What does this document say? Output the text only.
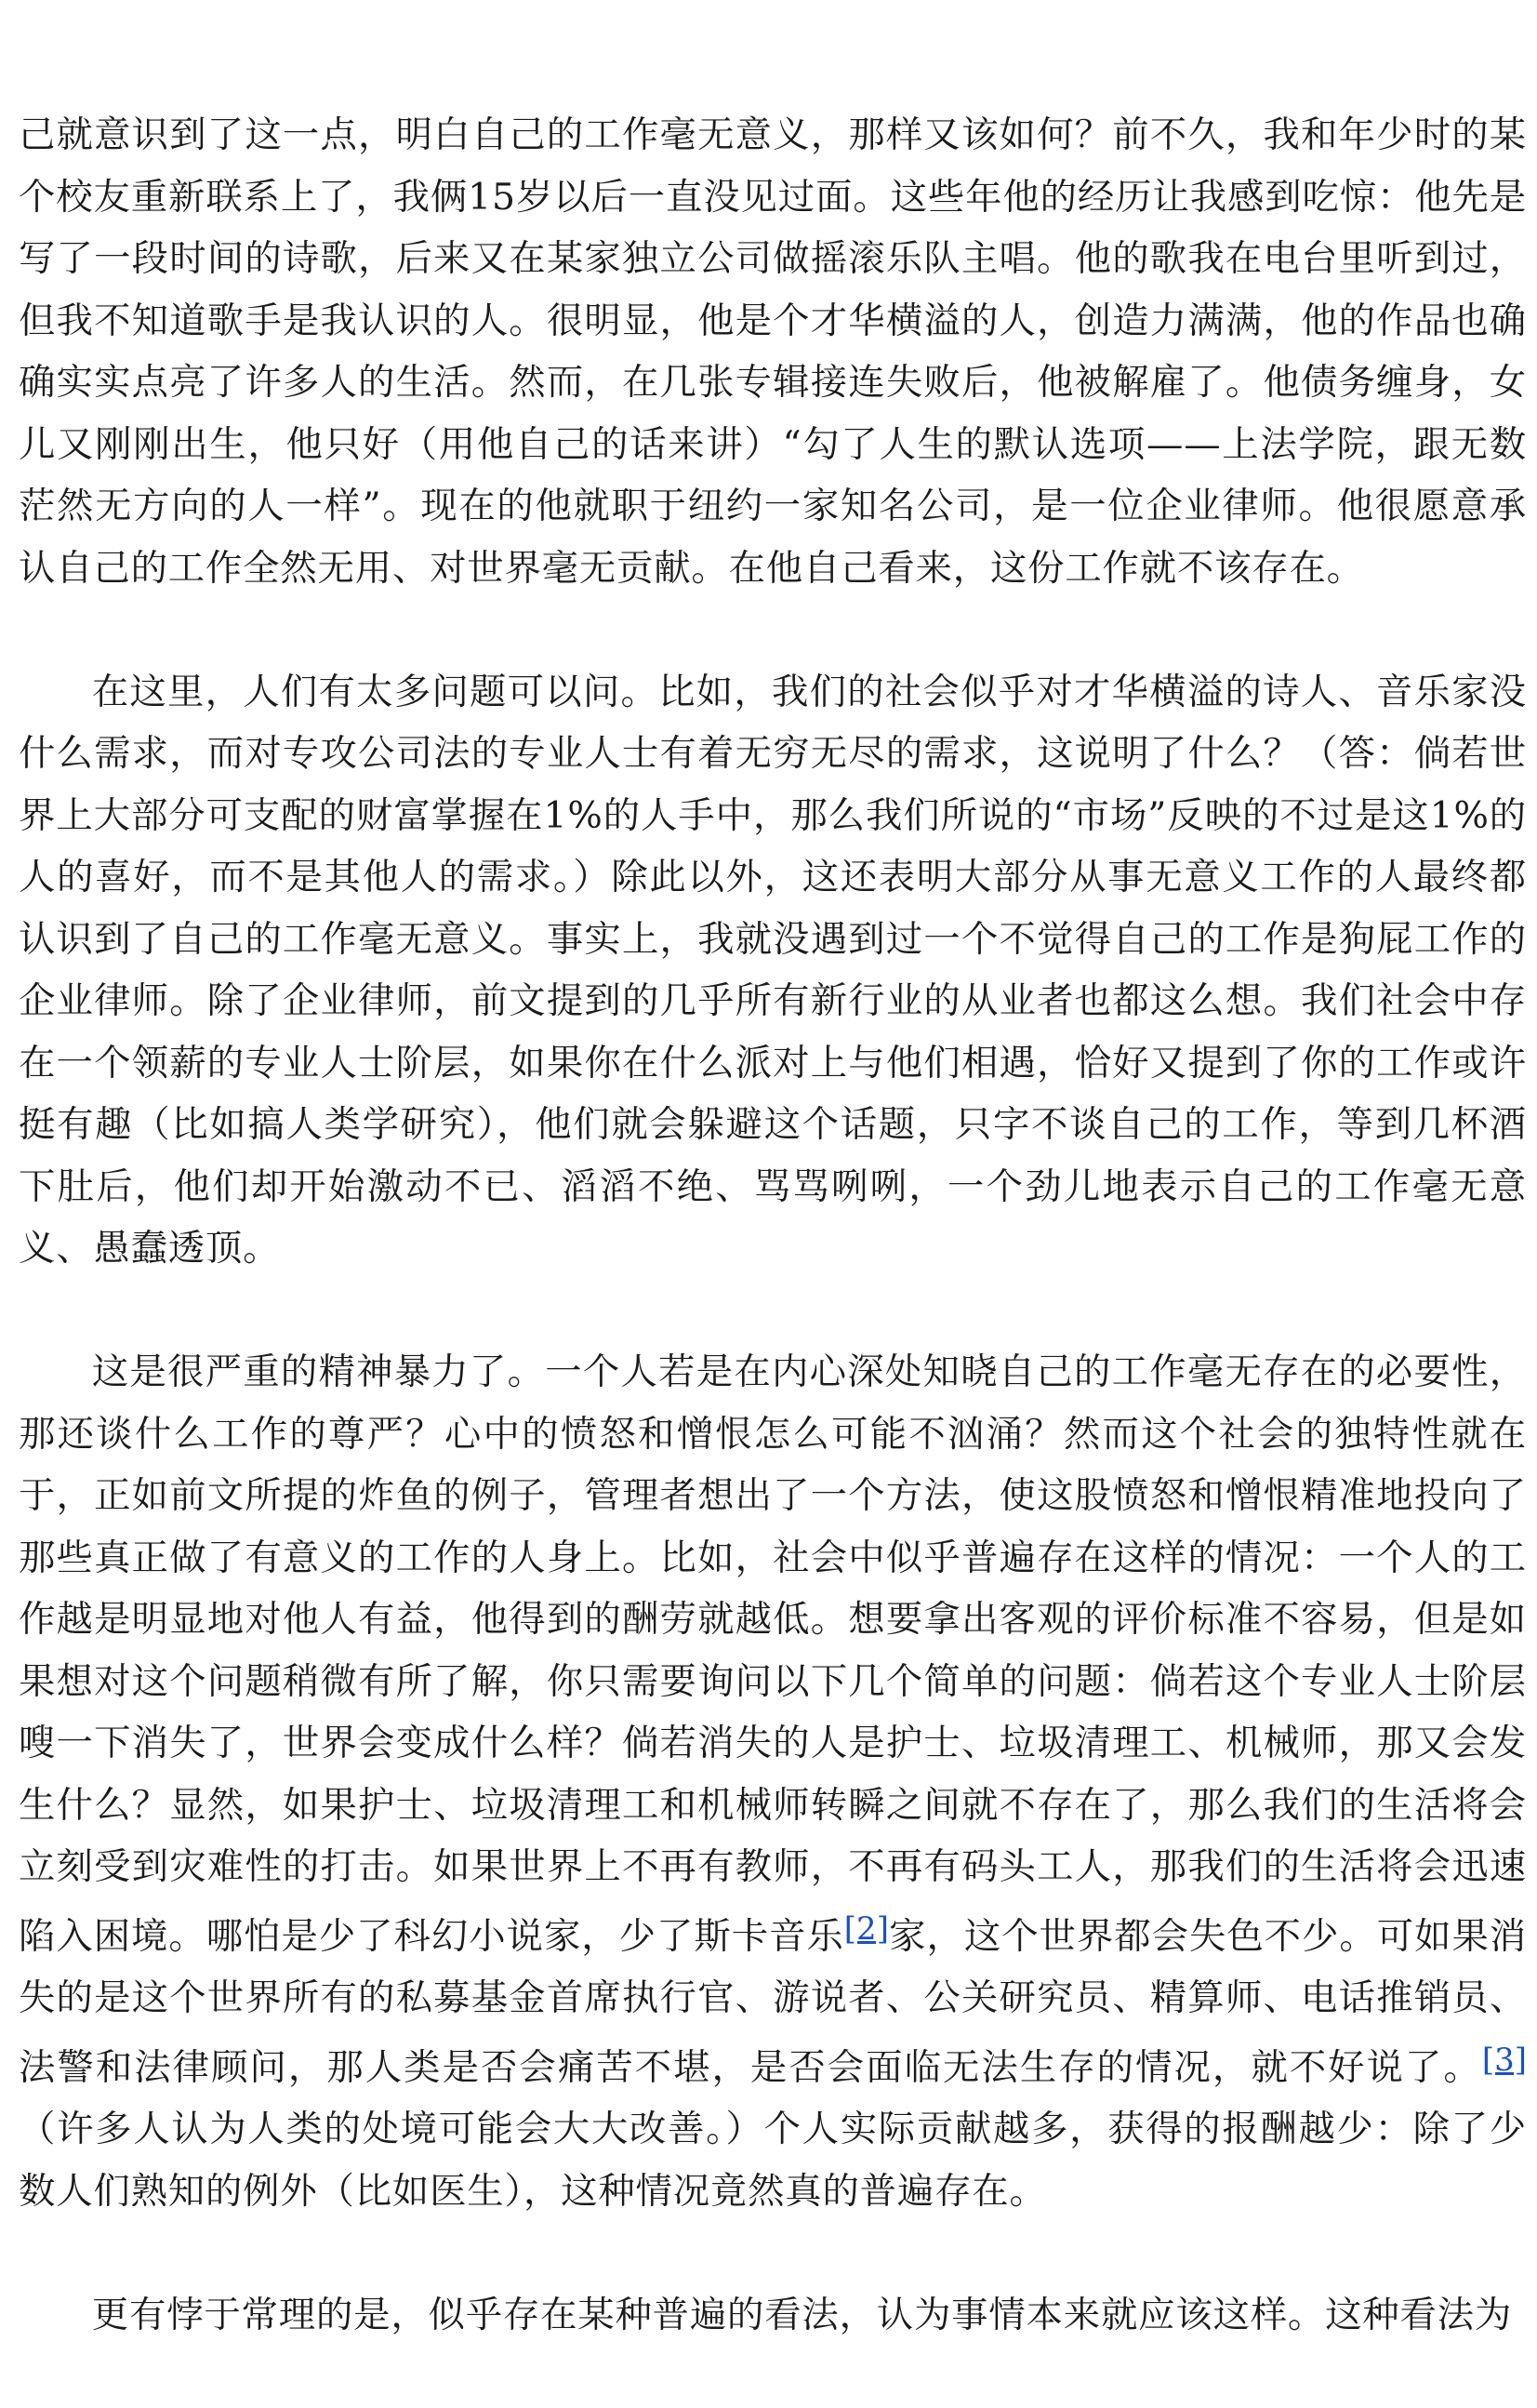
己就意识到了这一点，明白自己的工作毫无意义，那样又该如何？前不久，我和年少时的某个校友重新联系上了，我俩15岁以后一直没见过面。这些年他的经历让我感到吃惊：他先是写了一段时间的诗歌，后来又在某家独立公司做摇滚乐队主唱。他的歌我在电台里听到过，但我不知道歌手是我认识的人。很明显，他是个才华横溢的人，创造力满满，他的作品也确确实实点亮了许多人的生活。然而，在几张专辑接连失败后，他被解雇了。他债务缠身，女儿又刚刚出生，他只好（用他自己的话来讲）“勾了人生的默认选项——上法学院，跟无数茫然无方向的人一样”。现在的他就职于纽约一家知名公司，是一位企业律师。他很愿意承认自己的工作全然无用、对世界毫无贡献。在他自己看来，这份工作就不该存在。

在这里，人们有太多问题可以问。比如，我们的社会似乎对才华横溢的诗人、音乐家没什么需求，而对专攻公司法的专业人士有着无穷无尽的需求，这说明了什么？（答：倘若世界上大部分可支配的财富掌握在1%的人手中，那么我们所说的“市场”反映的不过是这1%的人的喜好，而不是其他人的需求。）除此以外，这还表明大部分从事无意义工作的人最终都认识到了自己的工作毫无意义。事实上，我就没遇到过一个不觉得自己的工作是狗屁工作的企业律师。除了企业律师，前文提到的几乎所有新行业的从业者也都这么想。我们社会中存在一个领薪的专业人士阶层，如果你在什么派对上与他们相遇，恰好又提到了你的工作或许挺有趣（比如搞人类学研究），他们就会躲避这个话题，只字不谈自己的工作，等到几杯酒下肚后，他们却开始激动不已、滔滔不绝、骂骂咧咧，一个劲儿地表示自己的工作毫无意义、愚蠢透顶。

这是很严重的精神暴力了。一个人若是在内心深处知晓自己的工作毫无存在的必要性，那还谈什么工作的尊严？心中的愤怒和憎恨怎么可能不汹涌？然而这个社会的独特性就在于，正如前文所提的炸鱼的例子，管理者想出了一个方法，使这股愤怒和憎恨精准地投向了那些真正做了有意义的工作的人身上。比如，社会中似乎普遍存在这样的情况：一个人的工作越是明显地对他人有益，他得到的酬劳就越低。想要拿出客观的评价标准不容易，但是如果想对这个问题稍微有所了解，你只需要询问以下几个简单的问题：倘若这个专业人士阶层嗖一下消失了，世界会变成什么样？倘若消失的人是护士、垃圾清理工、机械师，那又会发生什么？显然，如果护士、垃圾清理工和机械师转瞬之间就不存在了，那么我们的生活将会立刻受到灾难性的打击。如果世界上不再有教师，不再有码头工人，那我们的生活将会迅速陷入困境。哪怕是少了科幻小说家，少了斯卡音乐[2]家，这个世界都会失色不少。可如果消失的是这个世界所有的私募基金首席执行官、游说者、公关研究员、精算师、电话推销员、法警和法律顾问，那人类是否会痛苦不堪，是否会面临无法生存的情况，就不好说了。[3]（许多人认为人类的处境可能会大大改善。）个人实际贡献越多，获得的报酬越少：除了少数人们熟知的例外（比如医生），这种情况竟然真的普遍存在。

更有悖于常理的是，似乎存在某种普遍的看法，认为事情本来就应该这样。这种看法为
